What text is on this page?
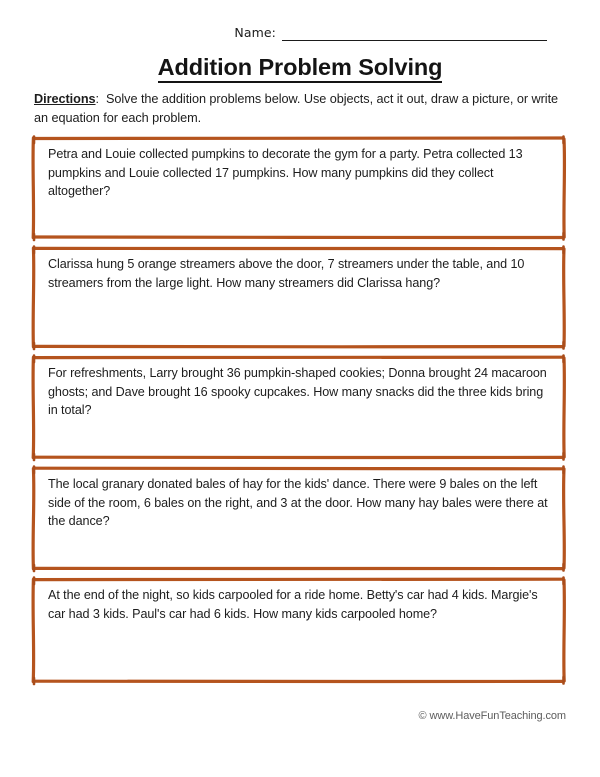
Name:
Addition Problem Solving
Directions: Solve the addition problems below. Use objects, act it out, draw a picture, or write an equation for each problem.
Petra and Louie collected pumpkins to decorate the gym for a party. Petra collected 13 pumpkins and Louie collected 17 pumpkins. How many pumpkins did they collect altogether?
Clarissa hung 5 orange streamers above the door, 7 streamers under the table, and 10 streamers from the large light. How many streamers did Clarissa hang?
For refreshments, Larry brought 36 pumpkin-shaped cookies; Donna brought 24 macaroon ghosts; and Dave brought 16 spooky cupcakes. How many snacks did the three kids bring in total?
The local granary donated bales of hay for the kids' dance. There were 9 bales on the left side of the room, 6 bales on the right, and 3 at the door. How many hay bales were there at the dance?
At the end of the night, so kids carpooled for a ride home. Betty's car had 4 kids. Margie's car had 3 kids. Paul's car had 6 kids. How many kids carpooled home?
© www.HaveFunTeaching.com
